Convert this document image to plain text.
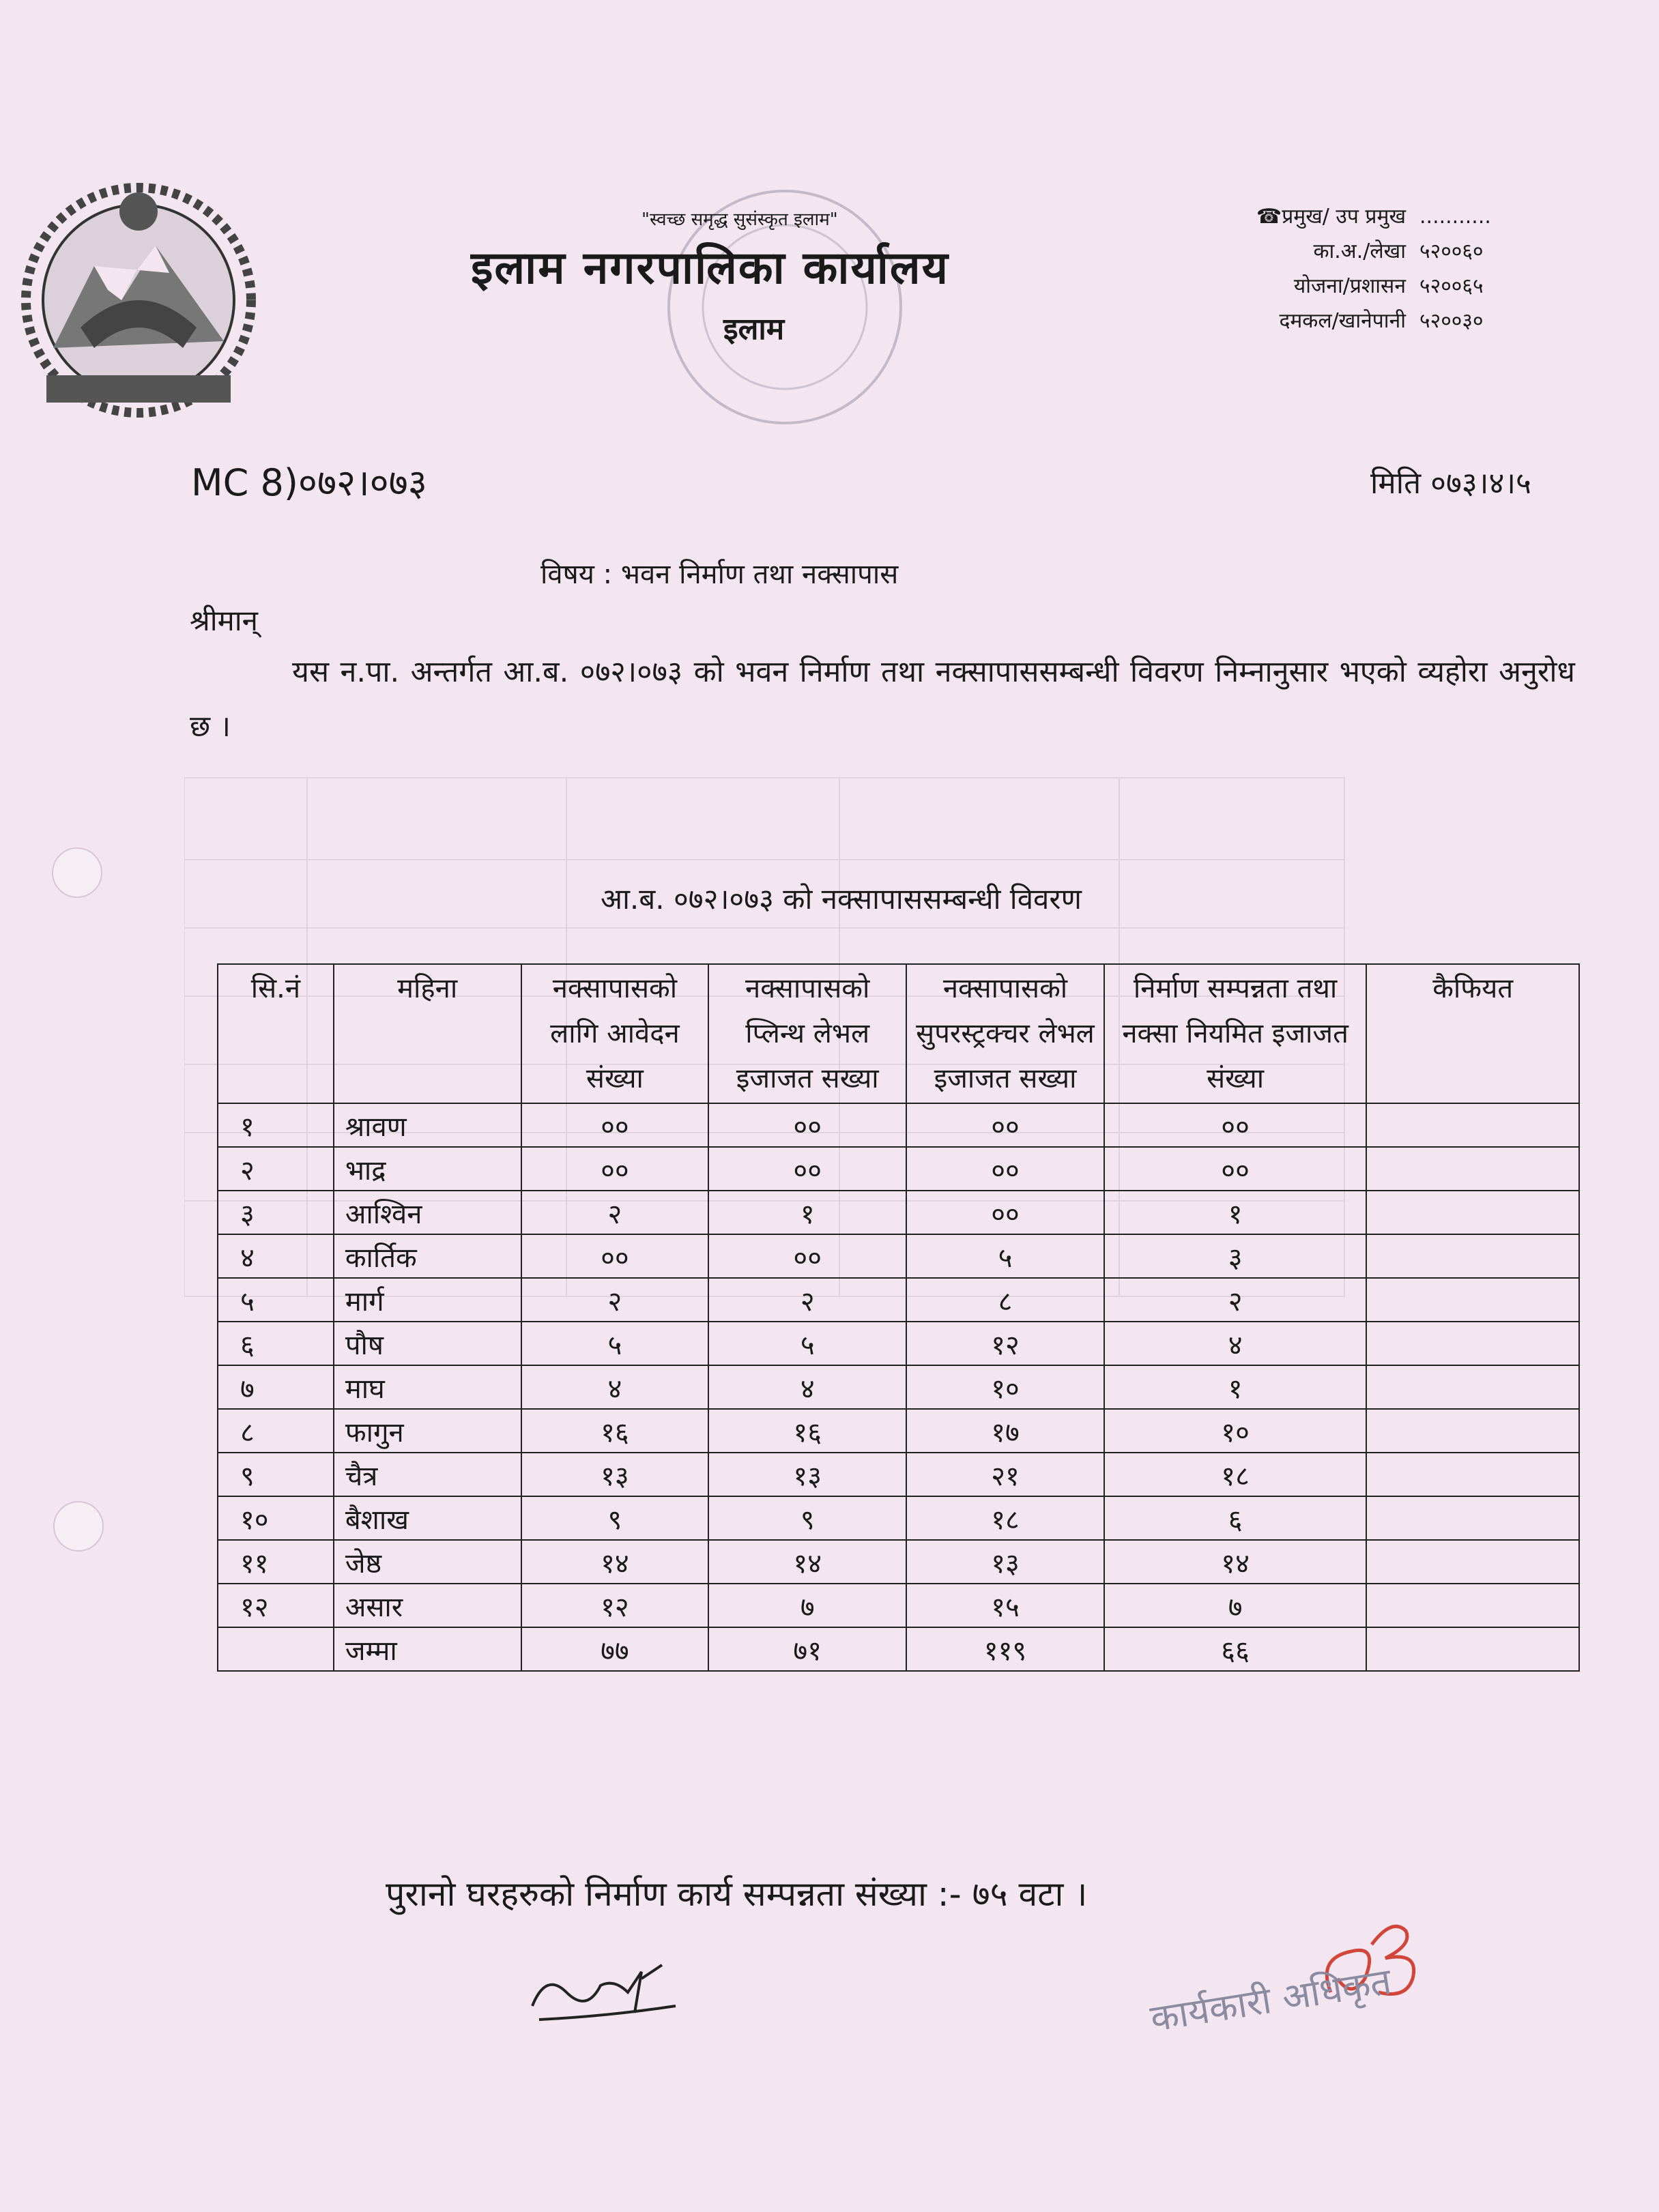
"स्वच्छ समृद्ध सुसंस्कृत इलाम"
इलाम नगरपालिका कार्यालय
इलाम
☎प्रमुख/ उप प्रमुख ...........
का.अ./लेखा ५२००६०
योजना/प्रशासन ५२००६५
दमकल/खानेपानी ५२००३०
MC 8)०७२।०७३	मिति ०७३।४।५
विषय : भवन निर्माण तथा नक्सापास
श्रीमान्
यस न.पा. अन्तर्गत आ.ब. ०७२।०७३ को भवन निर्माण तथा नक्सापाससम्बन्धी विवरण निम्नानुसार भएको व्यहोरा अनुरोध छ ।
आ.ब. ०७२।०७३ को नक्सापाससम्बन्धी विवरण
सि.नं	महिना	नक्सापासको लागि आवेदन संख्या	नक्सापासको प्लिन्थ लेभल इजाजत सख्या	नक्सापासको सुपरस्ट्रक्चर लेभल इजाजत सख्या	निर्माण सम्पन्नता तथा नक्सा नियमित इजाजत संख्या	कैफियत
१	श्रावण	००	००	००	००	
२	भाद्र	००	००	००	००	
३	आश्विन	२	१	००	१	
४	कार्तिक	००	००	५	३	
५	मार्ग	२	२	८	२	
६	पौष	५	५	१२	४	
७	माघ	४	४	१०	१	
८	फागुन	१६	१६	१७	१०	
९	चैत्र	१३	१३	२१	१८	
१०	बैशाख	९	९	१८	६	
११	जेष्ठ	१४	१४	१३	१४	
१२	असार	१२	७	१५	७	
	जम्मा	७७	७१	११९	६६	
पुरानो घरहरुको निर्माण कार्य सम्पन्नता संख्या :- ७५ वटा ।
कार्यकारी अधिकृत
